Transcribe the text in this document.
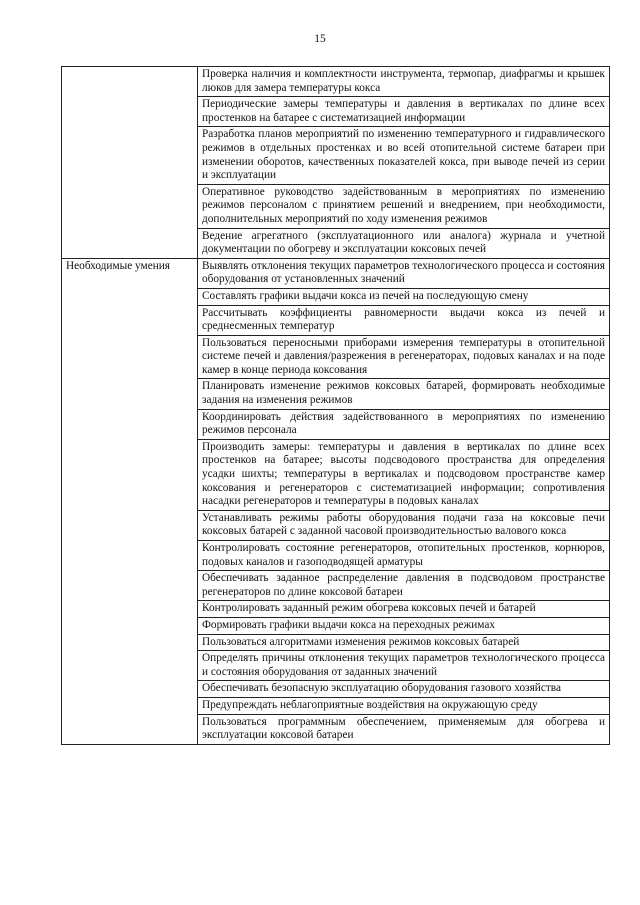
15
	Проверка наличия и комплектности инструмента, термопар, диафрагмы и крышек люков для замера температуры кокса
	Периодические замеры температуры и давления в вертикалах по длине всех простенков на батарее с систематизацией информации
	Разработка планов мероприятий по изменению температурного и гидравлического режимов в отдельных простенках и во всей отопительной системе батареи при изменении оборотов, качественных показателей кокса, при выводе печей из серии и эксплуатации
	Оперативное руководство задействованным в мероприятиях по изменению режимов персоналом с принятием решений и внедрением, при необходимости, дополнительных мероприятий по ходу изменения режимов
	Ведение агрегатного (эксплуатационного или аналога) журнала и учетной документации по обогреву и эксплуатации коксовых печей
Необходимые умения	Выявлять отклонения текущих параметров технологического процесса и состояния оборудования от установленных значений
	Составлять графики выдачи кокса из печей на последующую смену
	Рассчитывать коэффициенты равномерности выдачи кокса из печей и среднесменных температур
	Пользоваться переносными приборами измерения температуры в отопительной системе печей и давления/разрежения в регенераторах, подовых каналах и на поде камер в конце периода коксования
	Планировать изменение режимов коксовых батарей, формировать необходимые задания на изменения режимов
	Координировать действия задействованного в мероприятиях по изменению режимов персонала
	Производить замеры: температуры и давления в вертикалах по длине всех простенков на батарее; высоты подсводового пространства для определения усадки шихты; температуры в вертикалах и подсводовом пространстве камер коксования и регенераторов с систематизацией информации; сопротивления насадки регенераторов и температуры в подовых каналах
	Устанавливать режимы работы оборудования подачи газа на коксовые печи коксовых батарей с заданной часовой производительностью валового кокса
	Контролировать состояние регенераторов, отопительных простенков, корнюров, подовых каналов и газоподводящей арматуры
	Обеспечивать заданное распределение давления в подсводовом пространстве регенераторов по длине коксовой батареи
	Контролировать заданный режим обогрева коксовых печей и батарей
	Формировать графики выдачи кокса на переходных режимах
	Пользоваться алгоритмами изменения режимов коксовых батарей
	Определять причины отклонения текущих параметров технологического процесса и состояния оборудования от заданных значений
	Обеспечивать безопасную эксплуатацию оборудования газового хозяйства
	Предупреждать неблагоприятные воздействия на окружающую среду
	Пользоваться программным обеспечением, применяемым для обогрева и эксплуатации коксовой батареи
